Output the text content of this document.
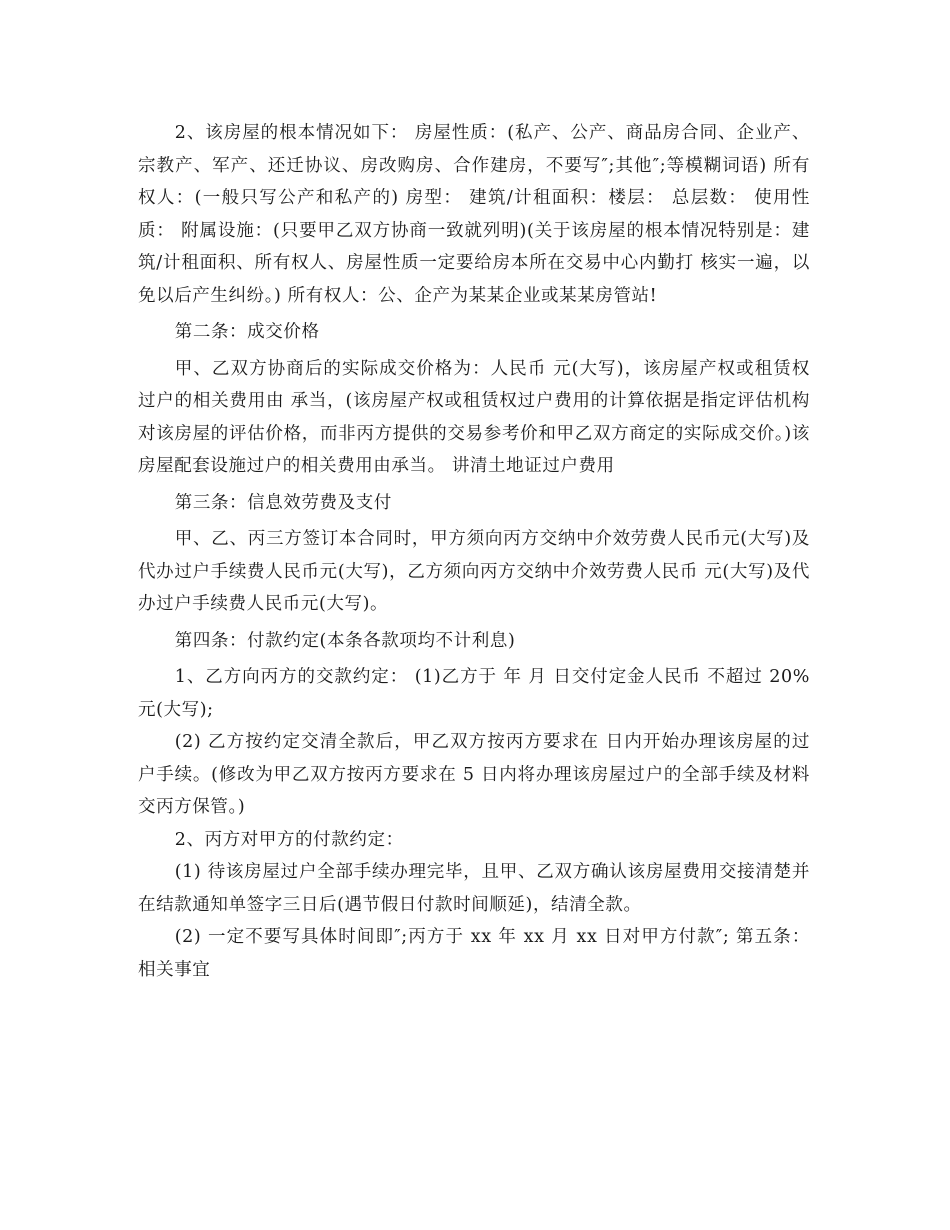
2、该房屋的根本情况如下： 房屋性质：(私产、公产、商品房合同、企业产、宗教产、军产、还迁协议、房改购房、合作建房，不要写″;其他″;等模糊词语) 所有权人：(一般只写公产和私产的) 房型： 建筑/计租面积：楼层： 总层数： 使用性质： 附属设施：(只要甲乙双方协商一致就列明)(关于该房屋的根本情况特别是：建筑/计租面积、所有权人、房屋性质一定要给房本所在交易中心内勤打 核实一遍，以免以后产生纠纷。) 所有权人：公、企产为某某企业或某某房管站!

第二条：成交价格

甲、乙双方协商后的实际成交价格为：人民币 元(大写)，该房屋产权或租赁权过户的相关费用由 承当，(该房屋产权或租赁权过户费用的计算依据是指定评估机构对该房屋的评估价格，而非丙方提供的交易参考价和甲乙双方商定的实际成交价。)该房屋配套设施过户的相关费用由承当。 讲清土地证过户费用

第三条：信息效劳费及支付

甲、乙、丙三方签订本合同时，甲方须向丙方交纳中介效劳费人民币元(大写)及代办过户手续费人民币元(大写)，乙方须向丙方交纳中介效劳费人民币 元(大写)及代办过户手续费人民币元(大写)。

第四条：付款约定(本条各款项均不计利息)

1、乙方向丙方的交款约定： (1)乙方于 年 月 日交付定金人民币 不超过 20%元(大写);

(2) 乙方按约定交清全款后，甲乙双方按丙方要求在 日内开始办理该房屋的过户手续。(修改为甲乙双方按丙方要求在 5 日内将办理该房屋过户的全部手续及材料交丙方保管。)

2、丙方对甲方的付款约定：

(1) 待该房屋过户全部手续办理完毕，且甲、乙双方确认该房屋费用交接清楚并在结款通知单签字三日后(遇节假日付款时间顺延)，结清全款。

(2) 一定不要写具体时间即″;丙方于 xx 年 xx 月 xx 日对甲方付款″; 第五条：相关事宜
